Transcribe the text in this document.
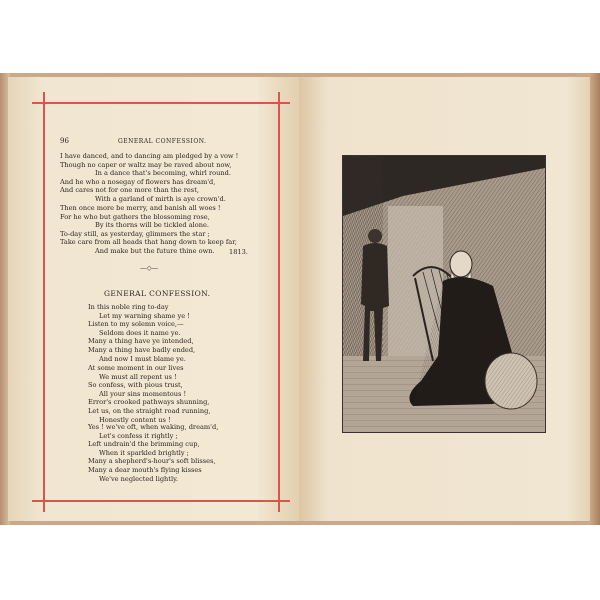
96	GENERAL CONFESSION.
I have danced, and to dancing am pledged by a vow !
Though no caper or waltz may be raved about now,
In a dance that's becoming, whirl round.
And he who a nosegay of flowers has dream'd,
And cares not for one more than the rest,
With a garland of mirth is aye crown'd.
Then once more be merry, and banish all woes !
For he who but gathers the blossoming rose,
By its thorns will be tickled alone.
To-day still, as yesterday, glimmers the star ;
Take care from all heads that hang down to keep far,
And make but the future thine own.	1813.
—◇—
GENERAL CONFESSION.
In this noble ring to-day
Let my warning shame ye !
Listen to my solemn voice,—
Seldom does it name ye.
Many a thing have ye intended,
Many a thing have badly ended,
And now I must blame ye.
At some moment in our lives
We must all repent us !
So confess, with pious trust,
All your sins momentous !
Error's crooked pathways shunning,
Let us, on the straight road running,
Honestly content us !
Yes ! we've oft, when waking, dream'd,
Let's confess it rightly ;
Left undrain'd the brimming cup,
When it sparkled brightly ;
Many a shepherd's-hour's soft blisses,
Many a dear mouth's flying kisses
We've neglected lightly.
